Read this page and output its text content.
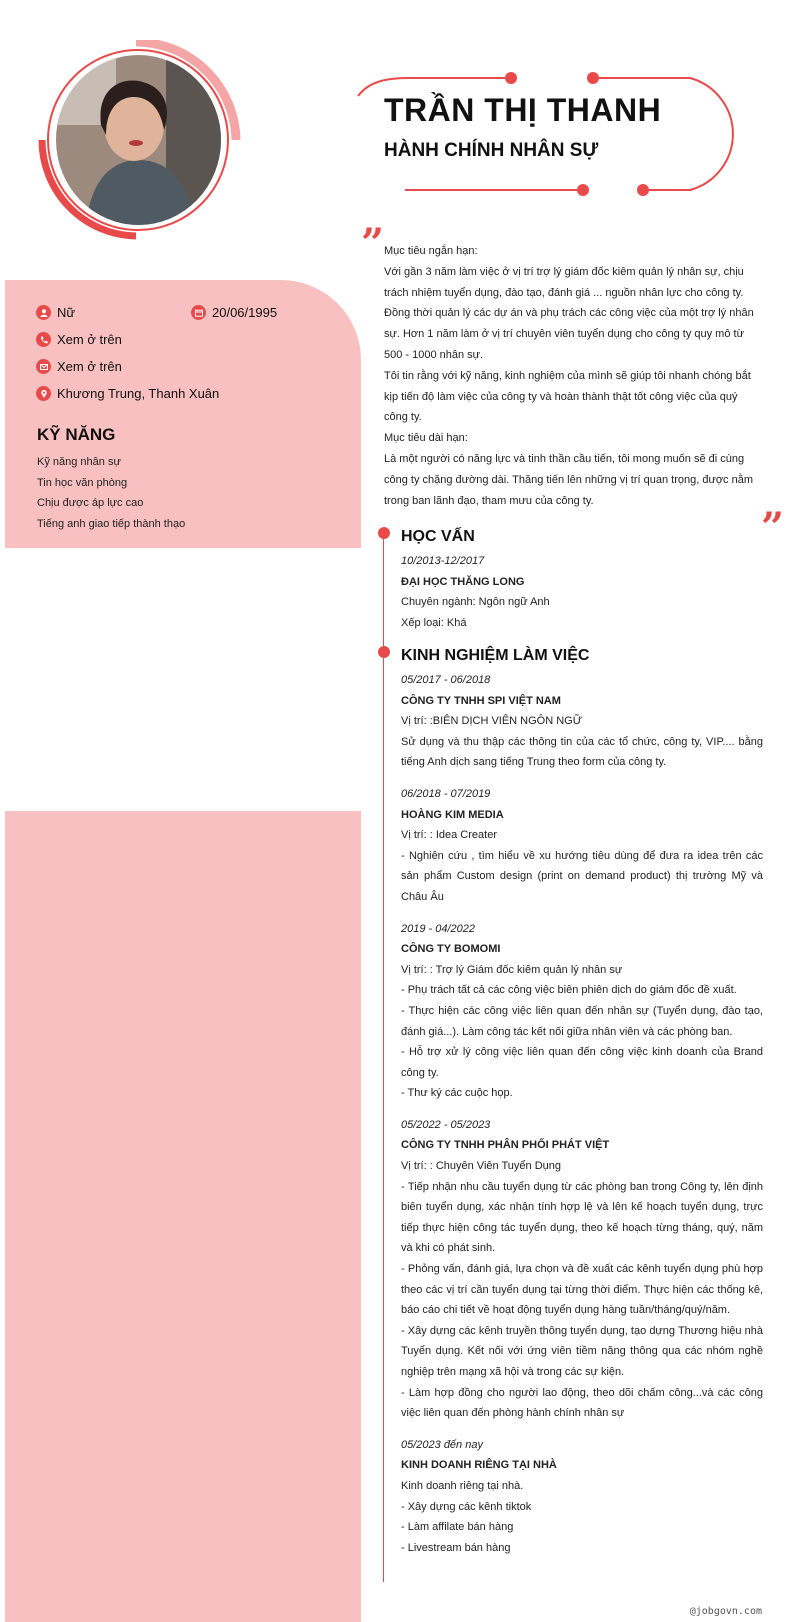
TRẦN THỊ THANH
HÀNH CHÍNH NHÂN SỰ
Nữ	20/06/1995
Xem ở trên
Xem ở trên
Khương Trung, Thanh Xuân
KỸ NĂNG
Kỹ năng nhân sự
Tin học văn phòng
Chịu được áp lực cao
Tiếng anh giao tiếp thành thạo
” Mục tiêu ngắn hạn:
Với gần 3 năm làm việc ở vị trí trợ lý giám đốc kiêm quản lý nhân sự, chịu trách nhiệm tuyển dụng, đào tạo, đánh giá ... nguồn nhân lực cho công ty. Đồng thời quản lý các dự án và phụ trách các công việc của một trợ lý nhân sự. Hơn 1 năm làm ở vị trí chuyên viên tuyển dụng cho công ty quy mô từ 500 - 1000 nhân sự.
Tôi tin rằng với kỹ năng, kinh nghiệm của mình sẽ giúp tôi nhanh chóng bắt kịp tiến độ làm việc của công ty và hoàn thành thật tốt công việc của quý công ty.
Mục tiêu dài hạn:
Là một người có năng lực và tinh thần cầu tiến, tôi mong muốn sẽ đi cùng công ty chặng đường dài. Thăng tiến lên những vị trí quan trọng, được nằm trong ban lãnh đạo, tham mưu của công ty.
”
HỌC VẤN
10/2013-12/2017
ĐẠI HỌC THĂNG LONG
Chuyên ngành: Ngôn ngữ Anh
Xếp loại: Khá
KINH NGHIỆM LÀM VIỆC
05/2017 - 06/2018
CÔNG TY TNHH SPI VIỆT NAM
Vị trí: :BIÊN DỊCH VIÊN NGÔN NGỮ
Sử dụng và thu thập các thông tin của các tổ chức, công ty, VIP.... bằng tiếng Anh dịch sang tiếng Trung theo form của công ty.
06/2018 - 07/2019
HOÀNG KIM MEDIA
Vị trí: : Idea Creater
- Nghiên cứu , tìm hiểu về xu hướng tiêu dùng để đưa ra idea trên các sản phẩm Custom design (print on demand product) thị trường Mỹ và Châu Âu
2019 - 04/2022
CÔNG TY BOMOMI
Vị trí: : Trợ lý Giám đốc kiêm quản lý nhân sự
- Phụ trách tất cả các công việc biên phiên dịch do giám đốc đề xuất.
- Thực hiện các công việc liên quan đến nhân sự (Tuyển dụng, đào tạo, đánh giá...). Làm công tác kết nối giữa nhân viên và các phòng ban.
- Hỗ trợ xử lý công việc liên quan đến công việc kinh doanh của Brand công ty.
- Thư ký các cuộc họp.
05/2022 - 05/2023
CÔNG TY TNHH PHÂN PHỐI PHÁT VIỆT
Vị trí: : Chuyên Viên Tuyển Dụng
- Tiếp nhận nhu cầu tuyển dụng từ các phòng ban trong Công ty, lên định biên tuyển dụng, xác nhận tính hợp lệ và lên kế hoạch tuyển dụng, trực tiếp thực hiện công tác tuyển dụng, theo kế hoạch từng tháng, quý, năm và khi có phát sinh.
- Phỏng vấn, đánh giá, lựa chọn và đề xuất các kênh tuyển dụng phù hợp theo các vị trí cần tuyển dụng tại từng thời điểm. Thực hiện các thống kê, báo cáo chi tiết về hoạt động tuyển dụng hàng tuần/tháng/quý/năm.
- Xây dựng các kênh truyền thông tuyển dụng, tạo dựng Thương hiệu nhà Tuyển dụng. Kết nối với ứng viên tiềm năng thông qua các nhóm nghề nghiệp trên mạng xã hội và trong các sự kiện.
- Làm hợp đồng cho người lao động, theo dõi chấm công...và các công việc liên quan đến phòng hành chính nhân sự
05/2023 đến nay
KINH DOANH RIÊNG TẠI NHÀ
Kinh doanh riêng tại nhà.
- Xây dựng các kênh tiktok
- Làm affilate bán hàng
- Livestream bán hàng
@jobgovn.com
